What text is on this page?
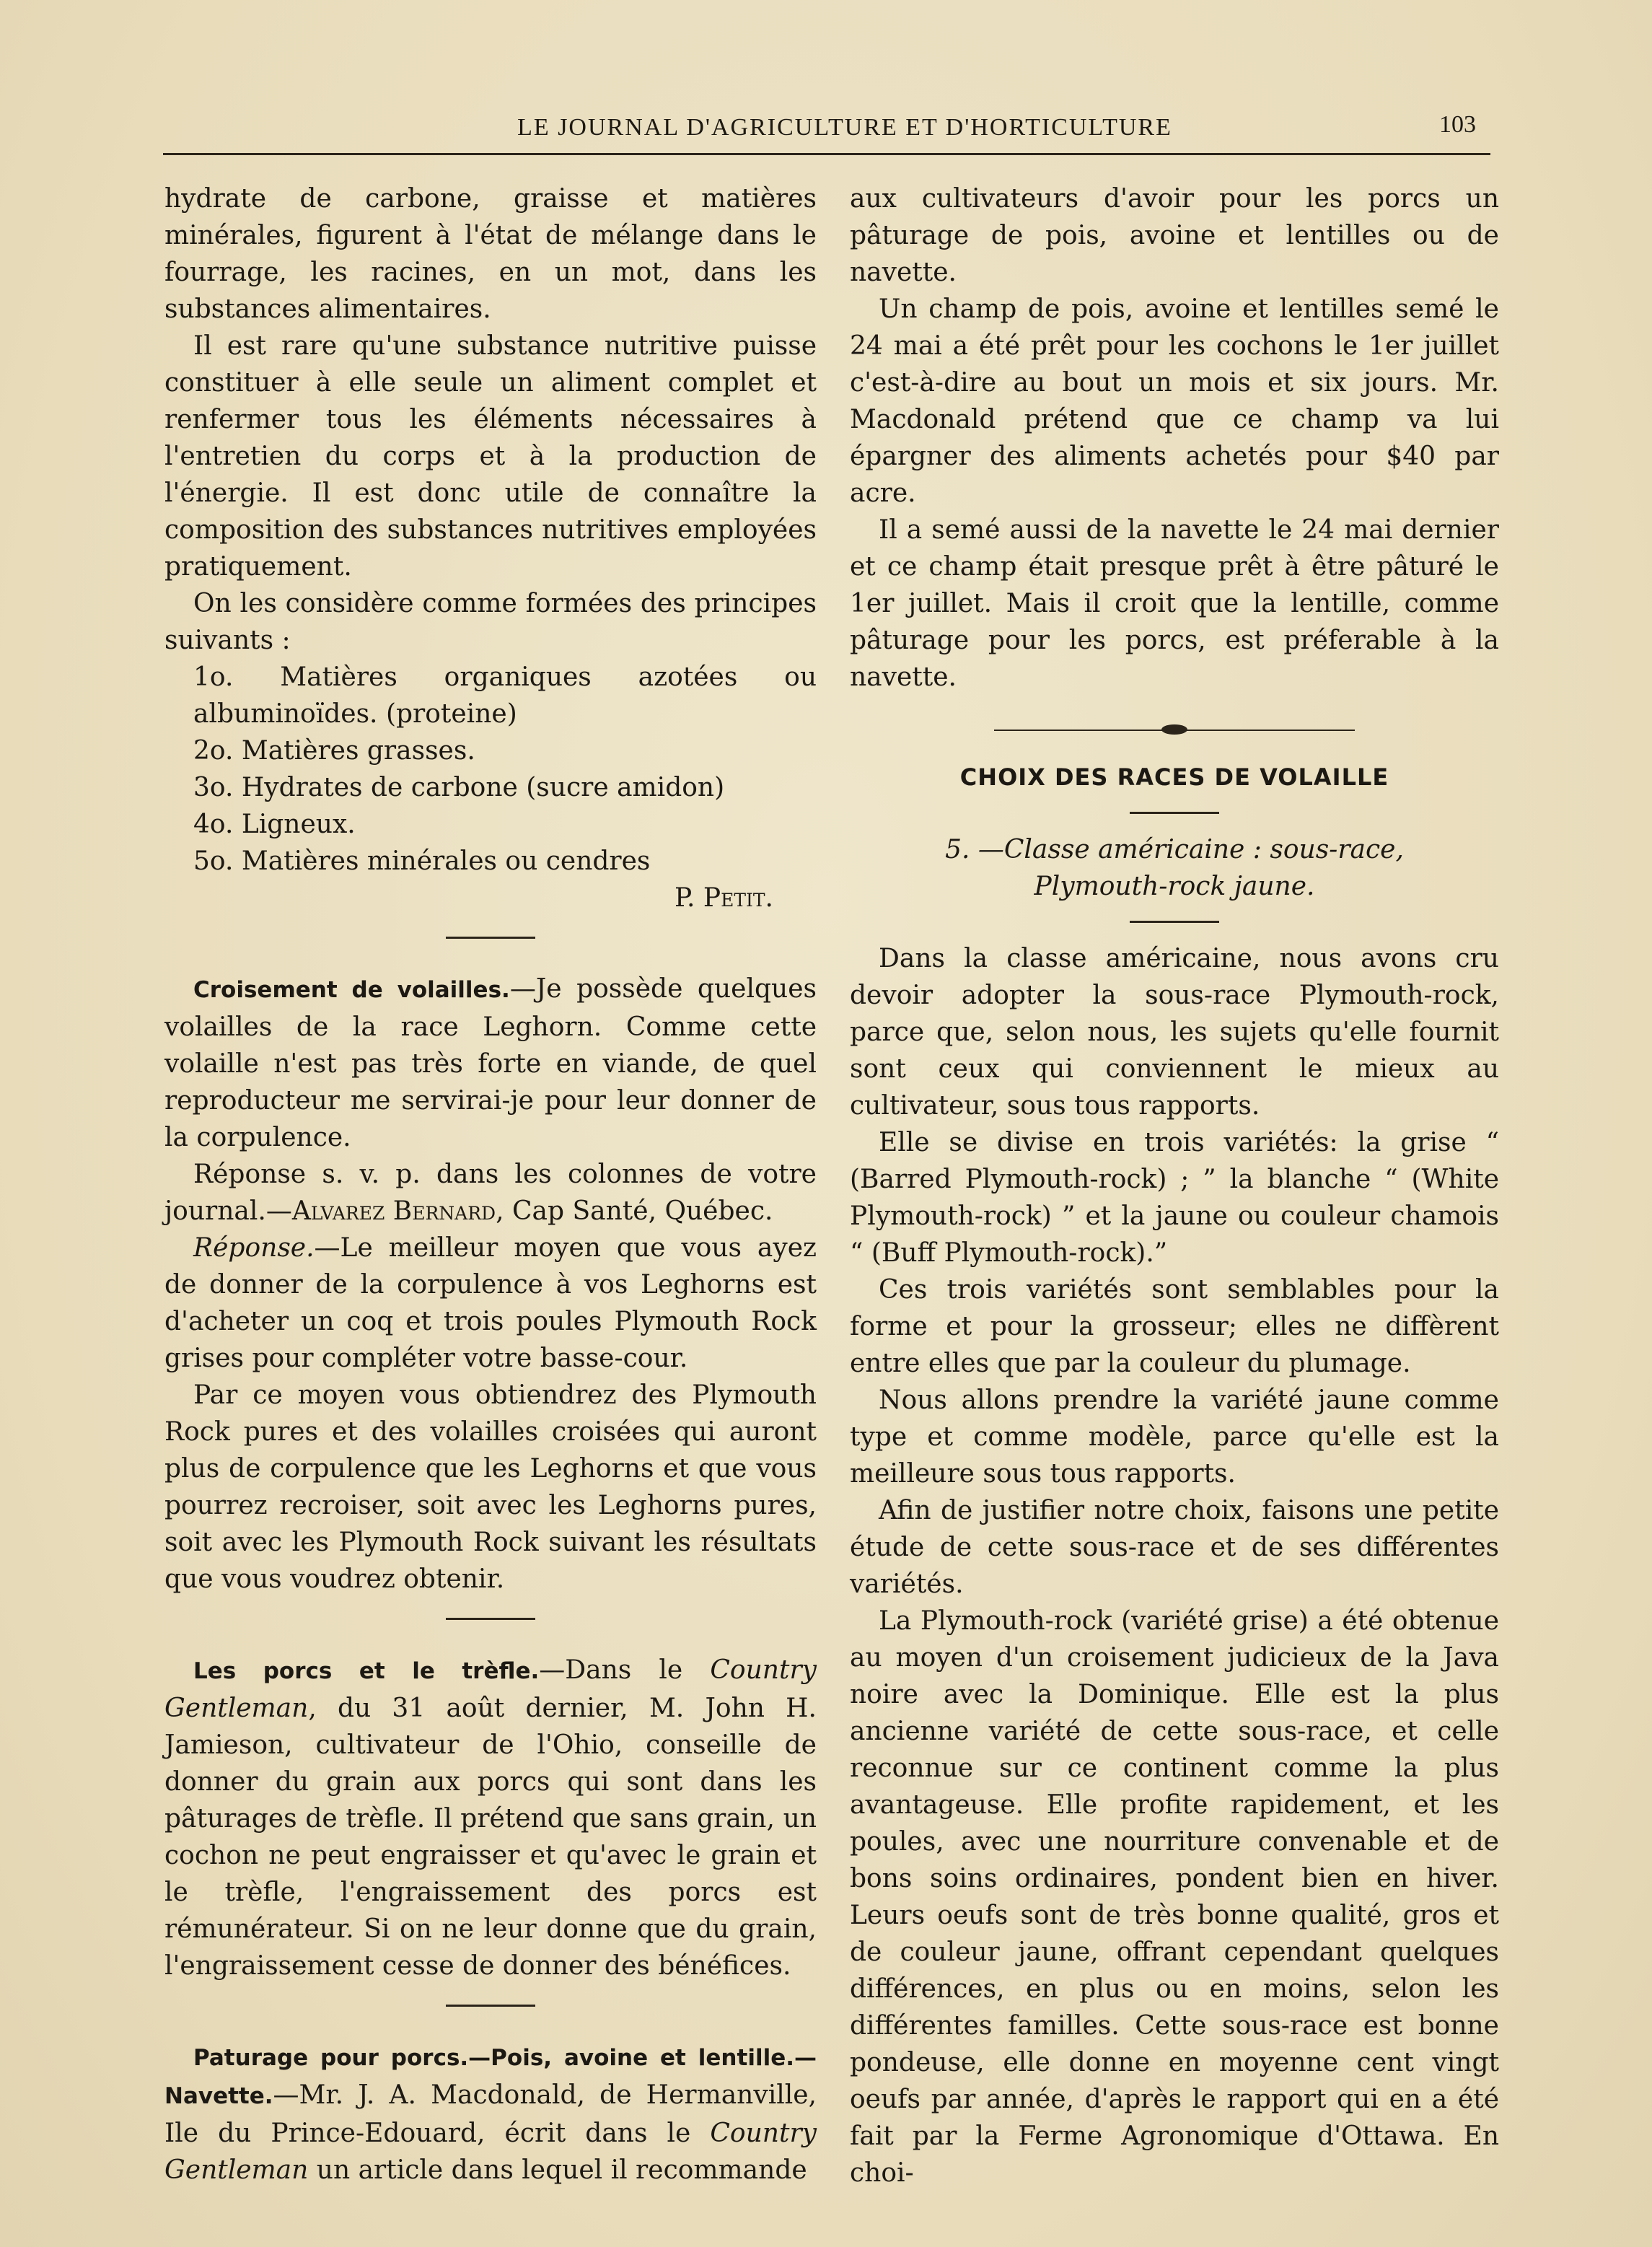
LE JOURNAL D'AGRICULTURE ET D'HORTICULTURE	103

hydrate de carbone, graisse et matières minérales, figurent à l'état de mélange dans le fourrage, les racines, en un mot, dans les substances alimentaires.

Il est rare qu'une substance nutritive puisse constituer à elle seule un aliment complet et renfermer tous les éléments nécessaires à l'entretien du corps et à la production de l'énergie. Il est donc utile de connaître la composition des substances nutritives employées pratiquement.

On les considère comme formées des principes suivants :

1o. Matières organiques azotées ou albuminoïdes. (proteine)

2o. Matières grasses.

3o. Hydrates de carbone (sucre amidon)

4o. Ligneux.

5o. Matières minérales ou cendres

P. Petit.

Croisement de volailles.—Je possède quelques volailles de la race Leghorn. Comme cette volaille n'est pas très forte en viande, de quel reproducteur me servirai-je pour leur donner de la corpulence.

Réponse s. v. p. dans les colonnes de votre journal.—Alvarez Bernard, Cap Santé, Québec.

Réponse.—Le meilleur moyen que vous ayez de donner de la corpulence à vos Leghorns est d'acheter un coq et trois poules Plymouth Rock grises pour compléter votre basse-cour.

Par ce moyen vous obtiendrez des Plymouth Rock pures et des volailles croisées qui auront plus de corpulence que les Leghorns et que vous pourrez recroiser, soit avec les Leghorns pures, soit avec les Plymouth Rock suivant les résultats que vous voudrez obtenir.

Les porcs et le trèfle.—Dans le Country Gentleman, du 31 août dernier, M. John H. Jamieson, cultivateur de l'Ohio, conseille de donner du grain aux porcs qui sont dans les pâturages de trèfle. Il prétend que sans grain, un cochon ne peut engraisser et qu'avec le grain et le trèfle, l'engraissement des porcs est rémunérateur. Si on ne leur donne que du grain, l'engraissement cesse de donner des bénéfices.

Paturage pour porcs.—Pois, avoine et lentille.—Navette.—Mr. J. A. Macdonald, de Hermanville, Ile du Prince-Edouard, écrit dans le Country Gentleman un article dans lequel il recommande

aux cultivateurs d'avoir pour les porcs un pâturage de pois, avoine et lentilles ou de navette.

Un champ de pois, avoine et lentilles semé le 24 mai a été prêt pour les cochons le 1er juillet c'est-à-dire au bout un mois et six jours. Mr. Macdonald prétend que ce champ va lui épargner des aliments achetés pour $40 par acre.

Il a semé aussi de la navette le 24 mai dernier et ce champ était presque prêt à être pâturé le 1er juillet. Mais il croit que la lentille, comme pâturage pour les porcs, est préferable à la navette.

CHOIX DES RACES DE VOLAILLE

5. —Classe américaine : sous-race, Plymouth-rock jaune.

Dans la classe américaine, nous avons cru devoir adopter la sous-race Plymouth-rock, parce que, selon nous, les sujets qu'elle fournit sont ceux qui conviennent le mieux au cultivateur, sous tous rapports.

Elle se divise en trois variétés: la grise “ (Barred Plymouth-rock) ; ” la blanche “ (White Plymouth-rock) ” et la jaune ou couleur chamois “ (Buff Plymouth-rock).”

Ces trois variétés sont semblables pour la forme et pour la grosseur; elles ne diffèrent entre elles que par la couleur du plumage.

Nous allons prendre la variété jaune comme type et comme modèle, parce qu'elle est la meilleure sous tous rapports.

Afin de justifier notre choix, faisons une petite étude de cette sous-race et de ses différentes variétés.

La Plymouth-rock (variété grise) a été obtenue au moyen d'un croisement judicieux de la Java noire avec la Dominique. Elle est la plus ancienne variété de cette sous-race, et celle reconnue sur ce continent comme la plus avantageuse. Elle profite rapidement, et les poules, avec une nourriture convenable et de bons soins ordinaires, pondent bien en hiver. Leurs oeufs sont de très bonne qualité, gros et de couleur jaune, offrant cependant quelques différences, en plus ou en moins, selon les différentes familles. Cette sous-race est bonne pondeuse, elle donne en moyenne cent vingt oeufs par année, d'après le rapport qui en a été fait par la Ferme Agronomique d'Ottawa. En choi-
